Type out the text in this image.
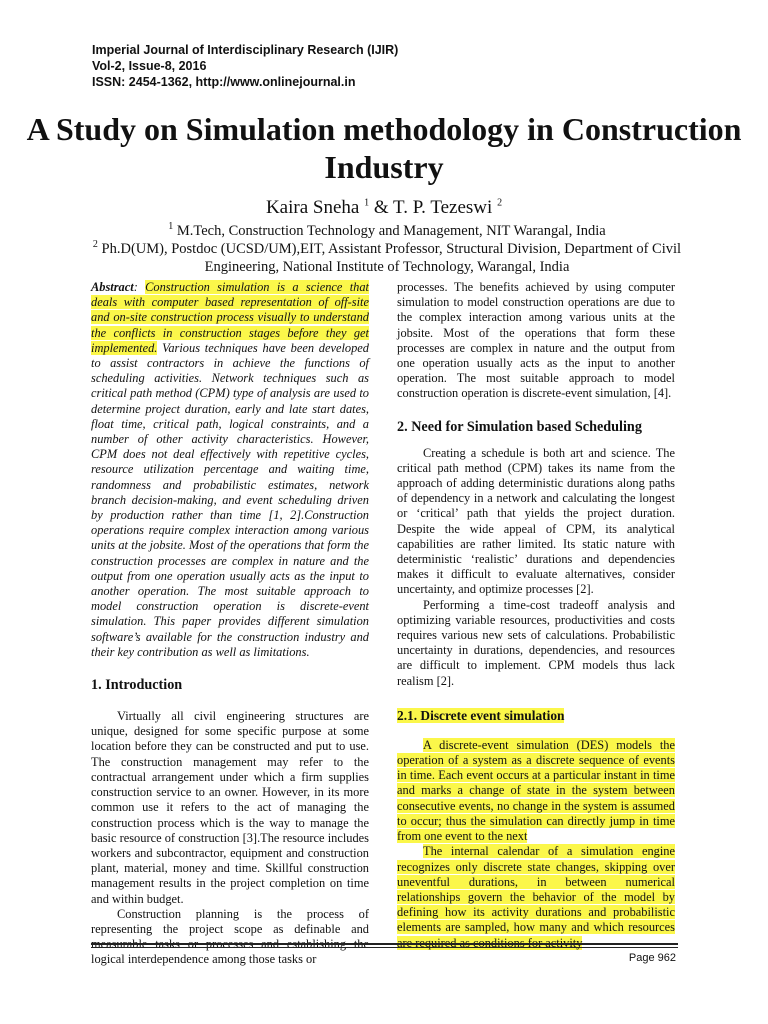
Imperial Journal of Interdisciplinary Research (IJIR)
Vol-2, Issue-8, 2016
ISSN: 2454-1362, http://www.onlinejournal.in
A Study on Simulation methodology in Construction Industry
Kaira Sneha $^1$ & T. P. Tezeswi $^2$
$^1$ M.Tech, Construction Technology and Management, NIT Warangal, India
$^2$ Ph.D(UM), Postdoc (UCSD/UM),EIT, Assistant Professor, Structural Division, Department of Civil Engineering, National Institute of Technology, Warangal, India

Abstract: Construction simulation is a science that deals with computer based representation of off-site and on-site construction process visually to understand the conflicts in construction stages before they get implemented. Various techniques have been developed to assist contractors in achieve the functions of scheduling activities. Network techniques such as critical path method (CPM) type of analysis are used to determine project duration, early and late start dates, float time, critical path, logical constraints, and a number of other activity characteristics. However, CPM does not deal effectively with repetitive cycles, resource utilization percentage and waiting time, randomness and probabilistic estimates, network branch decision-making, and event scheduling driven by production rather than time [1, 2].Construction operations require complex interaction among various units at the jobsite. Most of the operations that form the construction processes are complex in nature and the output from one operation usually acts as the input to another operation. The most suitable approach to model construction operation is discrete-event simulation. This paper provides different simulation software’s available for the construction industry and their key contribution as well as limitations.

1. Introduction

Virtually all civil engineering structures are unique, designed for some specific purpose at some location before they can be constructed and put to use. The construction management may refer to the contractual arrangement under which a firm supplies construction service to an owner. However, in its more common use it refers to the act of managing the construction process which is the way to manage the basic resource of construction [3].The resource includes workers and subcontractor, equipment and construction plant, material, money and time. Skillful construction management results in the project completion on time and within budget.

Construction planning is the process of representing the project scope as definable and measurable tasks or processes and establishing the logical interdependence among those tasks or

processes. The benefits achieved by using computer simulation to model construction operations are due to the complex interaction among various units at the jobsite. Most of the operations that form these processes are complex in nature and the output from one operation usually acts as the input to another operation. The most suitable approach to model construction operation is discrete-event simulation, [4].

2. Need for Simulation based Scheduling

Creating a schedule is both art and science. The critical path method (CPM) takes its name from the approach of adding deterministic durations along paths of dependency in a network and calculating the longest or ‘critical’ path that yields the project duration. Despite the wide appeal of CPM, its analytical capabilities are rather limited. Its static nature with deterministic ‘realistic’ durations and dependencies makes it difficult to evaluate alternatives, consider uncertainty, and optimize processes [2].

Performing a time-cost tradeoff analysis and optimizing variable resources, productivities and costs requires various new sets of calculations. Probabilistic uncertainty in durations, dependencies, and resources are difficult to implement. CPM models thus lack realism [2].

2.1. Discrete event simulation

A discrete-event simulation (DES) models the operation of a system as a discrete sequence of events in time. Each event occurs at a particular instant in time and marks a change of state in the system between consecutive events, no change in the system is assumed to occur; thus the simulation can directly jump in time from one event to the next

The internal calendar of a simulation engine recognizes only discrete state changes, skipping over uneventful durations, in between numerical relationships govern the behavior of the model by defining how its activity durations and probabilistic elements are sampled, how many and which resources are required as conditions for activity

Page 962
